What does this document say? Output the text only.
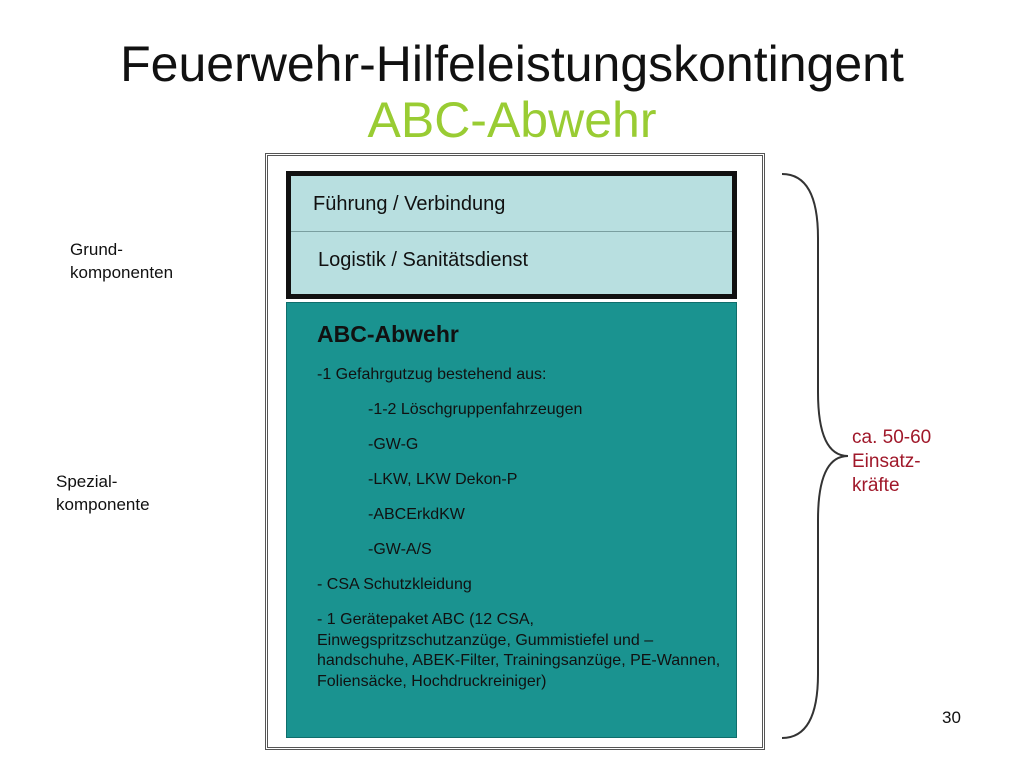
Feuerwehr-Hilfeleistungskontingent
ABC-Abwehr
Führung / Verbindung
Logistik / Sanitätsdienst
ABC-Abwehr
-1 Gefahrgutzug bestehend aus:
-1-2 Löschgruppenfahrzeugen
-GW-G
-LKW, LKW Dekon-P
-ABCErkdKW
-GW-A/S
- CSA Schutzkleidung
- 1 Gerätepaket ABC (12 CSA, Einwegspritzschutzanzüge, Gummistiefel und –handschuhe, ABEK-Filter, Trainingsanzüge, PE-Wannen, Foliensäcke, Hochdruckreiniger)
Grund-
komponenten
Spezial-
komponente
ca. 50-60
Einsatz-
kräfte
30
